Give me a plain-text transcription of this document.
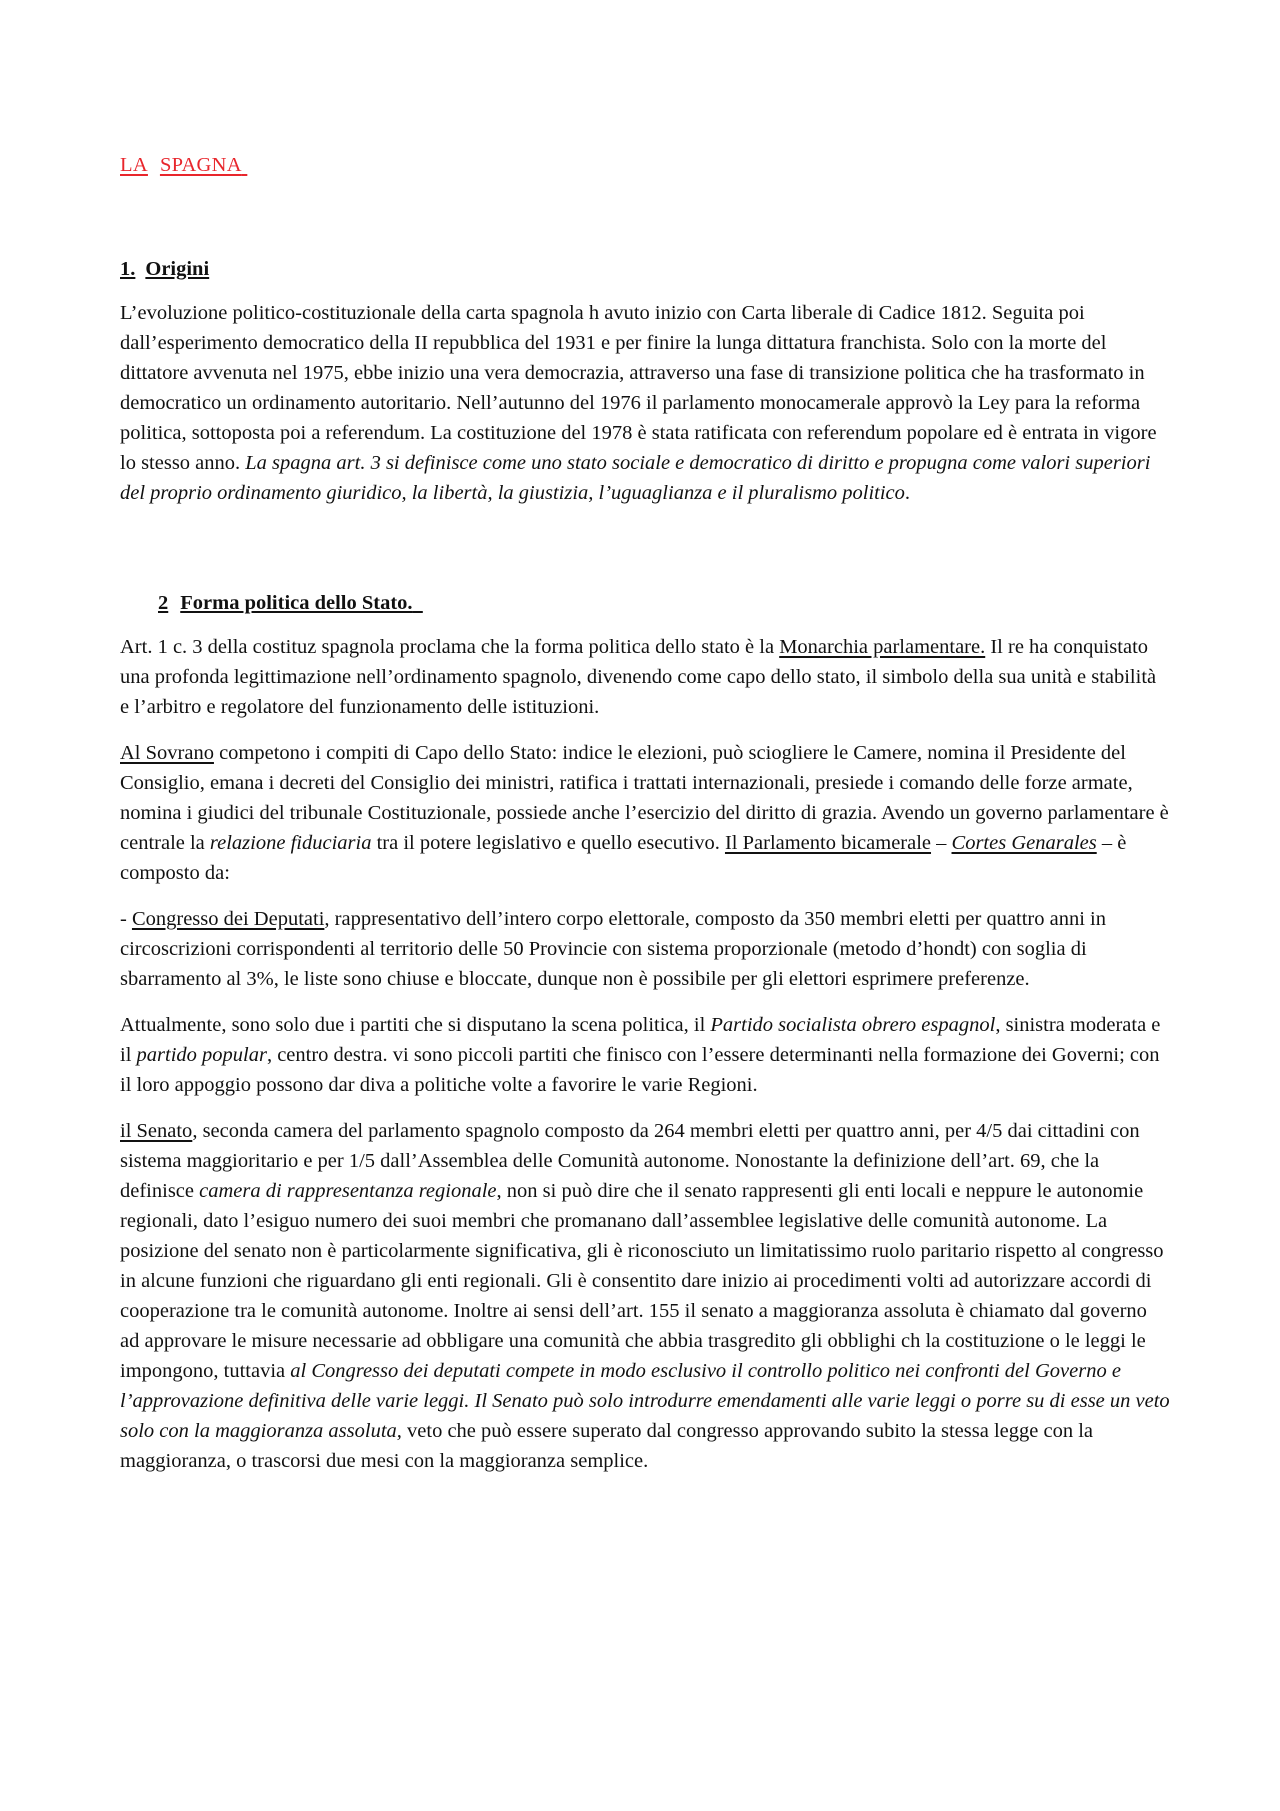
LA SPAGNA
1. Origini

L’evoluzione politico-costituzionale della carta spagnola h avuto inizio con Carta liberale di Cadice 1812. Seguita poi dall’esperimento democratico della II repubblica del 1931 e per finire la lunga dittatura franchista. Solo con la morte del dittatore avvenuta nel 1975, ebbe inizio una vera democrazia, attraverso una fase di transizione politica che ha trasformato in democratico un ordinamento autoritario. Nell’autunno del 1976 il parlamento monocamerale approvò la Ley para la reforma politica, sottoposta poi a referendum. La costituzione del 1978 è stata ratificata con referendum popolare ed è entrata in vigore lo stesso anno. La spagna art. 3 si definisce come uno stato sociale e democratico di diritto e propugna come valori superiori del proprio ordinamento giuridico, la libertà, la giustizia, l’uguaglianza e il pluralismo politico.

2 Forma politica dello Stato.

Art. 1 c. 3 della costituz spagnola proclama che la forma politica dello stato è la Monarchia parlamentare. Il re ha conquistato una profonda legittimazione nell’ordinamento spagnolo, divenendo come capo dello stato, il simbolo della sua unità e stabilità e l’arbitro e regolatore del funzionamento delle istituzioni.

Al Sovrano competono i compiti di Capo dello Stato: indice le elezioni, può sciogliere le Camere, nomina il Presidente del Consiglio, emana i decreti del Consiglio dei ministri, ratifica i trattati internazionali, presiede i comando delle forze armate, nomina i giudici del tribunale Costituzionale, possiede anche l’esercizio del diritto di grazia. Avendo un governo parlamentare è centrale la relazione fiduciaria tra il potere legislativo e quello esecutivo. Il Parlamento bicamerale – Cortes Genarales – è composto da:

- Congresso dei Deputati, rappresentativo dell’intero corpo elettorale, composto da 350 membri eletti per quattro anni in circoscrizioni corrispondenti al territorio delle 50 Provincie con sistema proporzionale (metodo d’hondt) con soglia di sbarramento al 3%, le liste sono chiuse e bloccate, dunque non è possibile per gli elettori esprimere preferenze.

Attualmente, sono solo due i partiti che si disputano la scena politica, il Partido socialista obrero espagnol, sinistra moderata e il partido popular, centro destra. vi sono piccoli partiti che finisco con l’essere determinanti nella formazione dei Governi; con il loro appoggio possono dar diva a politiche volte a favorire le varie Regioni.

il Senato, seconda camera del parlamento spagnolo composto da 264 membri eletti per quattro anni, per 4/5 dai cittadini con sistema maggioritario e per 1/5 dall’Assemblea delle Comunità autonome. Nonostante la definizione dell’art. 69, che la definisce camera di rappresentanza regionale, non si può dire che il senato rappresenti gli enti locali e neppure le autonomie regionali, dato l’esiguo numero dei suoi membri che promanano dall’assemblee legislative delle comunità autonome. La posizione del senato non è particolarmente significativa, gli è riconosciuto un limitatissimo ruolo paritario rispetto al congresso in alcune funzioni che riguardano gli enti regionali. Gli è consentito dare inizio ai procedimenti volti ad autorizzare accordi di cooperazione tra le comunità autonome. Inoltre ai sensi dell’art. 155 il senato a maggioranza assoluta è chiamato dal governo ad approvare le misure necessarie ad obbligare una comunità che abbia trasgredito gli obblighi ch la costituzione o le leggi le impongono, tuttavia al Congresso dei deputati compete in modo esclusivo il controllo politico nei confronti del Governo e l’approvazione definitiva delle varie leggi. Il Senato può solo introdurre emendamenti alle varie leggi o porre su di esse un veto solo con la maggioranza assoluta, veto che può essere superato dal congresso approvando subito la stessa legge con la maggioranza, o trascorsi due mesi con la maggioranza semplice.
